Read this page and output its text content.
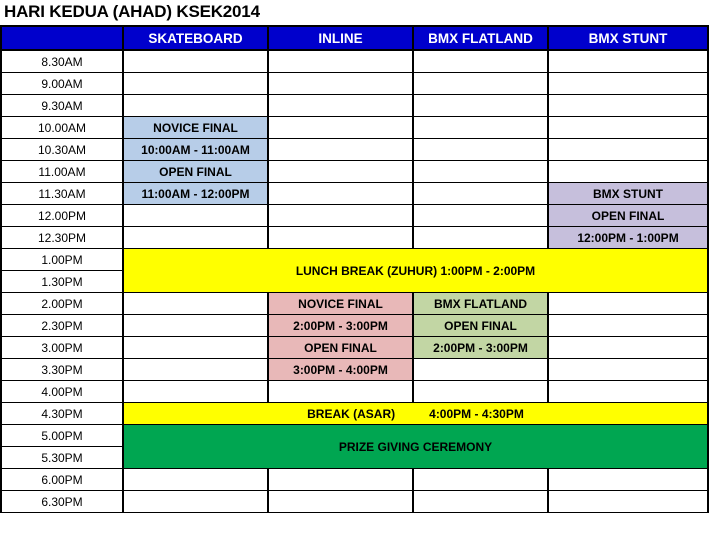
HARI KEDUA (AHAD) KSEK2014
	SKATEBOARD	INLINE	BMX FLATLAND	BMX STUNT
8.30AM				
9.00AM				
9.30AM				
10.00AM	NOVICE FINAL			
10.30AM	10:00AM - 11:00AM			
11.00AM	OPEN FINAL			
11.30AM	11:00AM - 12:00PM			BMX STUNT
12.00PM				OPEN FINAL
12.30PM				12:00PM - 1:00PM
1.00PM	LUNCH BREAK (ZUHUR) 1:00PM - 2:00PM			
1.30PM				
2.00PM		NOVICE FINAL	BMX FLATLAND	
2.30PM		2:00PM - 3:00PM	OPEN FINAL	
3.00PM		OPEN FINAL	2:00PM - 3:00PM	
3.30PM		3:00PM - 4:00PM		
4.00PM				
4.30PM	BREAK (ASAR) 4:00PM - 4:30PM			
5.00PM	PRIZE GIVING CEREMONY			
5.30PM				
6.00PM				
6.30PM				
